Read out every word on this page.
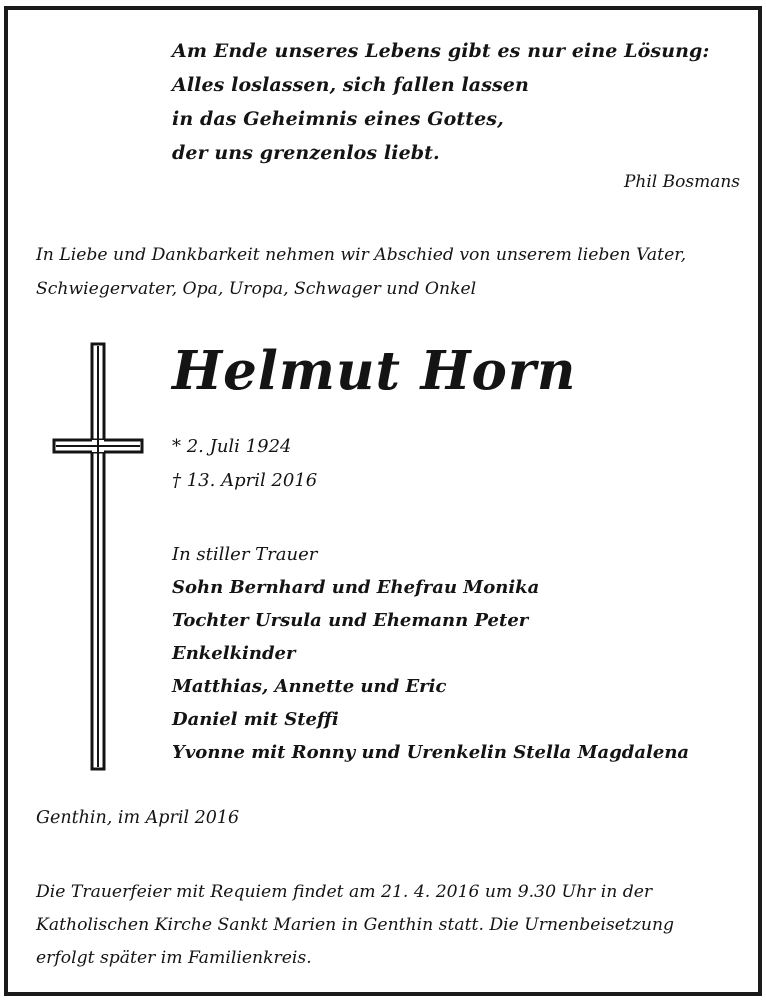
Am Ende unseres Lebens gibt es nur eine Lösung:
Alles loslassen, sich fallen lassen
in das Geheimnis eines Gottes,
der uns grenzenlos liebt.
Phil Bosmans
In Liebe und Dankbarkeit nehmen wir Abschied von unserem lieben Vater,
Schwiegervater, Opa, Uropa, Schwager und Onkel
Helmut Horn
* 2. Juli 1924
† 13. April 2016
In stiller Trauer
Sohn Bernhard und Ehefrau Monika
Tochter Ursula und Ehemann Peter
Enkelkinder
Matthias, Annette und Eric
Daniel mit Steffi
Yvonne mit Ronny und Urenkelin Stella Magdalena
Genthin, im April 2016
Die Trauerfeier mit Requiem findet am 21. 4. 2016 um 9.30 Uhr in der
Katholischen Kirche Sankt Marien in Genthin statt. Die Urnenbeisetzung
erfolgt später im Familienkreis.
